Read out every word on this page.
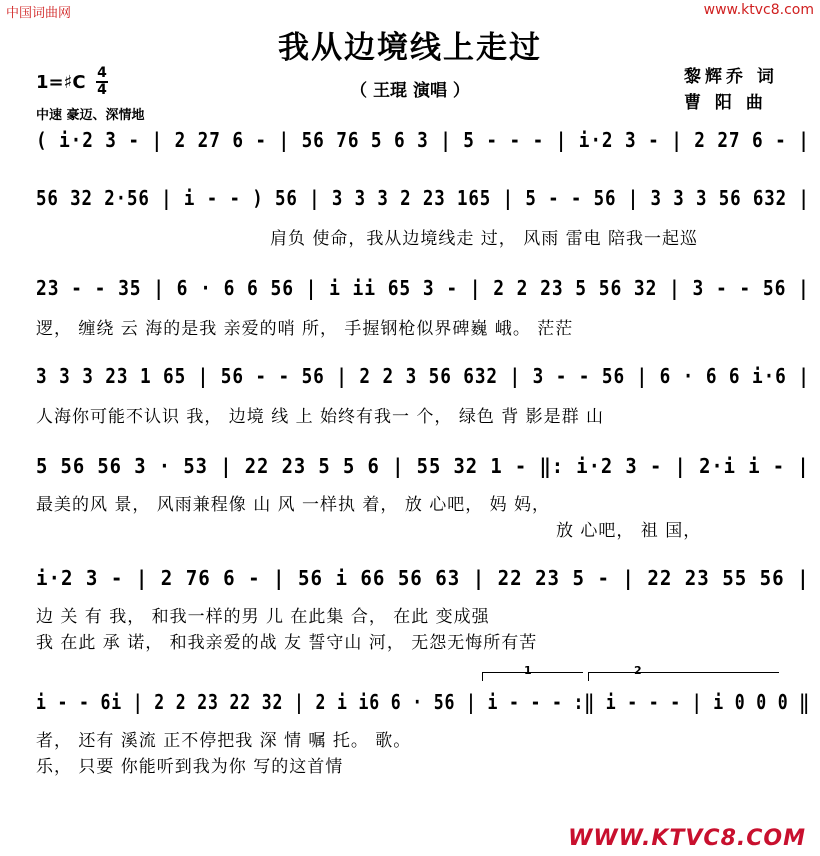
中国词曲网	www.ktvc8.com
我从边境线上走过
（ 王琨 演唱 ）
1=♯C 4
4
中速 豪迈、深情地
黎辉乔 词
曹 阳 曲
( i·2 3 - | 2 27 6 - | 56 76 5 6 3 | 5 - - - | i·2 3 - | 2 27 6 - |
56 32 2·56 | i - - ) 56 | 3 3 3 2 23 165 | 5 - - 56 | 3 3 3 56 632 |
肩负 使命，我从边境线走 过， 风雨 雷电 陪我一起巡
23 - - 35 | 6 · 6 6 56 | i ii 65 3 - | 2 2 23 5 56 32 | 3 - - 56 |
逻， 缠绕 云 海的是我 亲爱的哨 所， 手握钢枪似界碑巍 峨。 茫茫
3 3 3 23 1 65 | 56 - - 56 | 2 2 3 56 632 | 3 - - 56 | 6 · 6 6 i·6 |
人海你可能不认识 我， 边境 线 上 始终有我一 个， 绿色 背 影是群 山
5 56 56 3 · 53 | 22 23 5 5 6 | 55 32 1 - ‖: i·2 3 - | 2·i i - |
最美的风 景， 风雨兼程像 山 风 一样执 着， 放 心吧， 妈 妈，
放 心吧， 祖 国，
i·2 3 - | 2 76 6 - | 56 i 66 56 63 | 22 23 5 - | 22 23 55 56 |
边 关 有 我， 和我一样的男 儿 在此集 合， 在此 变成强
我 在此 承 诺， 和我亲爱的战 友 誓守山 河， 无怨无悔所有苦
1	2
i - - 6i | 2 2 23 22 32 | 2 i i6 6 · 56 | i - - - :‖ i - - - | i 0 0 0 ‖
者， 还有 溪流 正不停把我 深 情 嘱 托。 歌。
乐， 只要 你能听到我为你 写的这首情
WWW.KTVC8.COM
